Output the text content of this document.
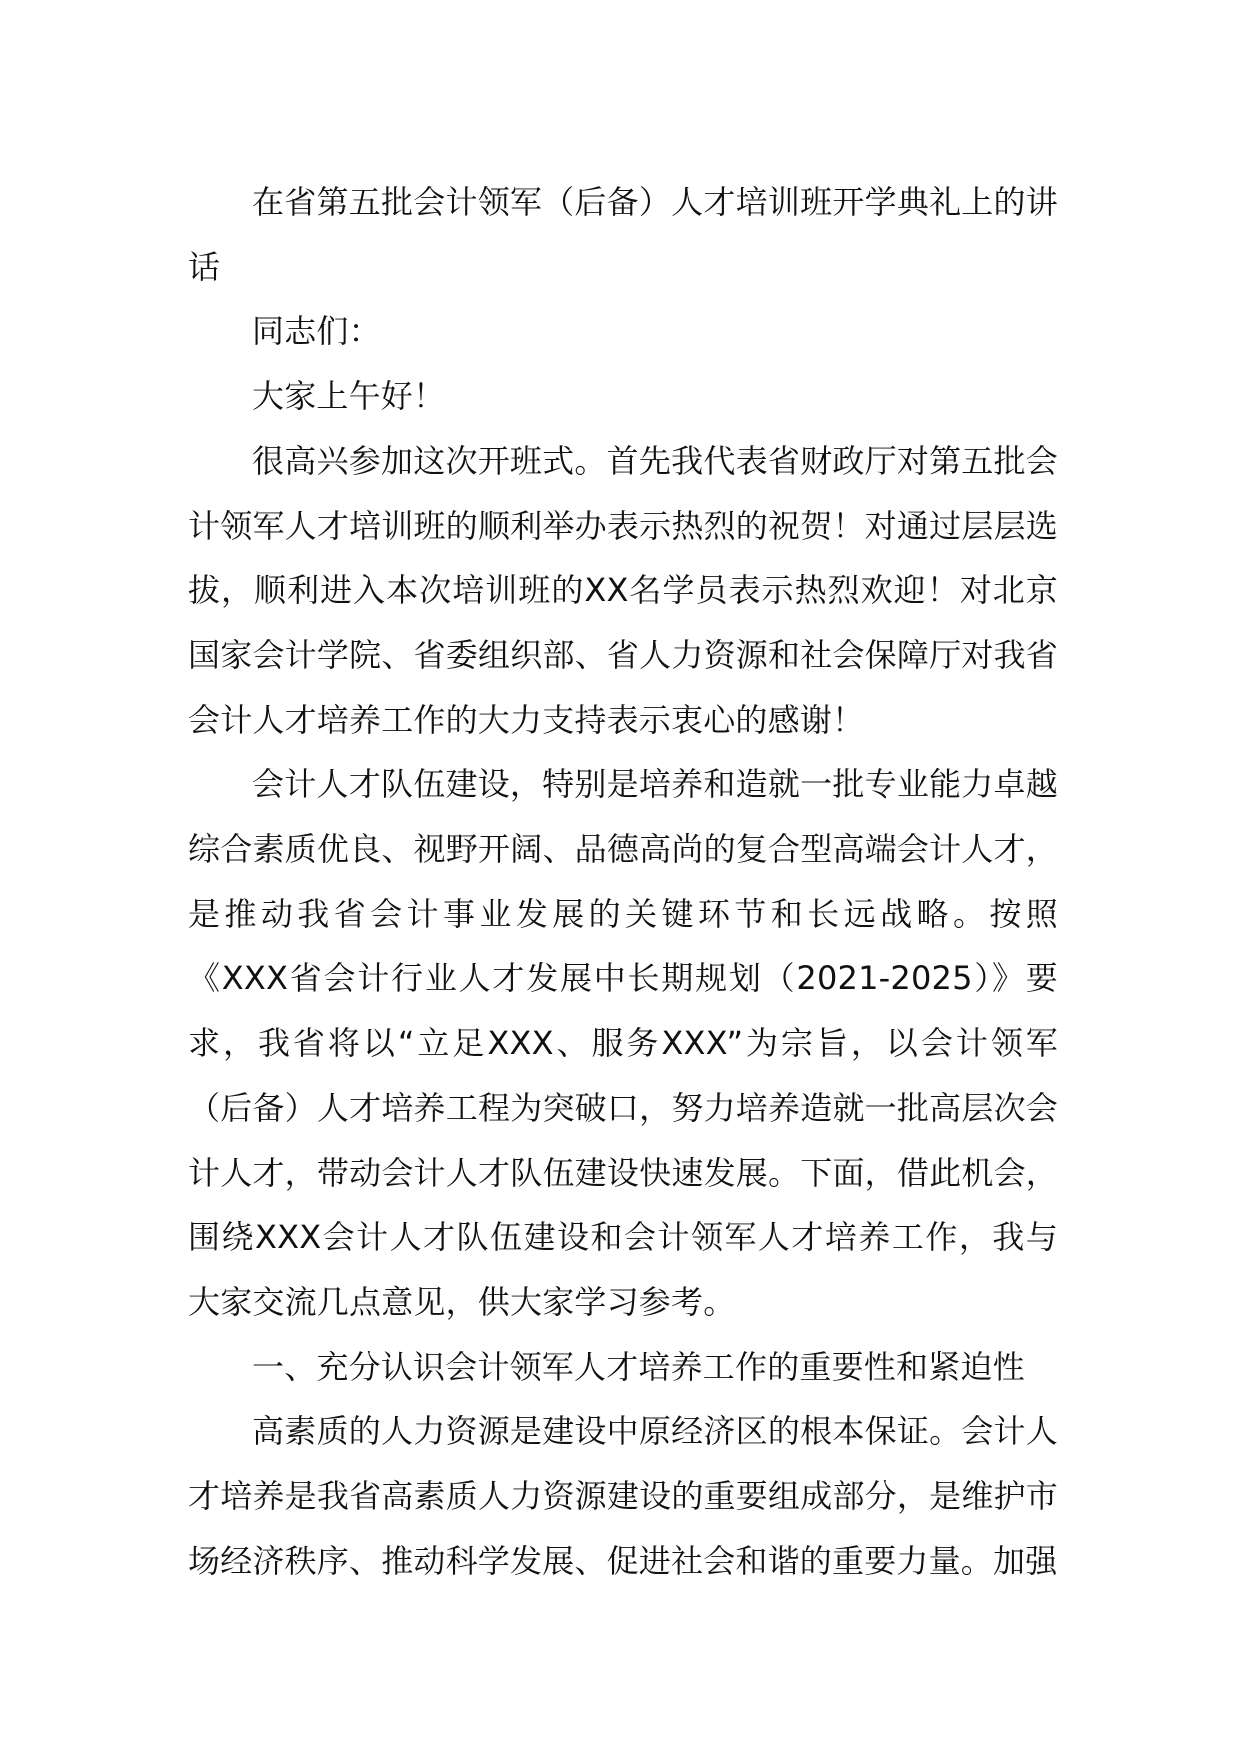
在省第五批会计领军（后备）人才培训班开学典礼上的讲话

同志们：

大家上午好！

很高兴参加这次开班式。首先我代表省财政厅对第五批会计领军人才培训班的顺利举办表示热烈的祝贺！对通过层层选拔，顺利进入本次培训班的XX名学员表示热烈欢迎！对北京国家会计学院、省委组织部、省人力资源和社会保障厅对我省会计人才培养工作的大力支持表示衷心的感谢！

会计人才队伍建设，特别是培养和造就一批专业能力卓越综合素质优良、视野开阔、品德高尚的复合型高端会计人才，是推动我省会计事业发展的关键环节和长远战略。按照《XXX省会计行业人才发展中长期规划（2021-2025）》要求，我省将以“立足XXX、服务XXX”为宗旨，以会计领军（后备）人才培养工程为突破口，努力培养造就一批高层次会计人才，带动会计人才队伍建设快速发展。下面，借此机会，围绕XXX会计人才队伍建设和会计领军人才培养工作，我与大家交流几点意见，供大家学习参考。

一、充分认识会计领军人才培养工作的重要性和紧迫性

高素质的人力资源是建设中原经济区的根本保证。会计人才培养是我省高素质人力资源建设的重要组成部分，是维护市场经济秩序、推动科学发展、促进社会和谐的重要力量。加强
